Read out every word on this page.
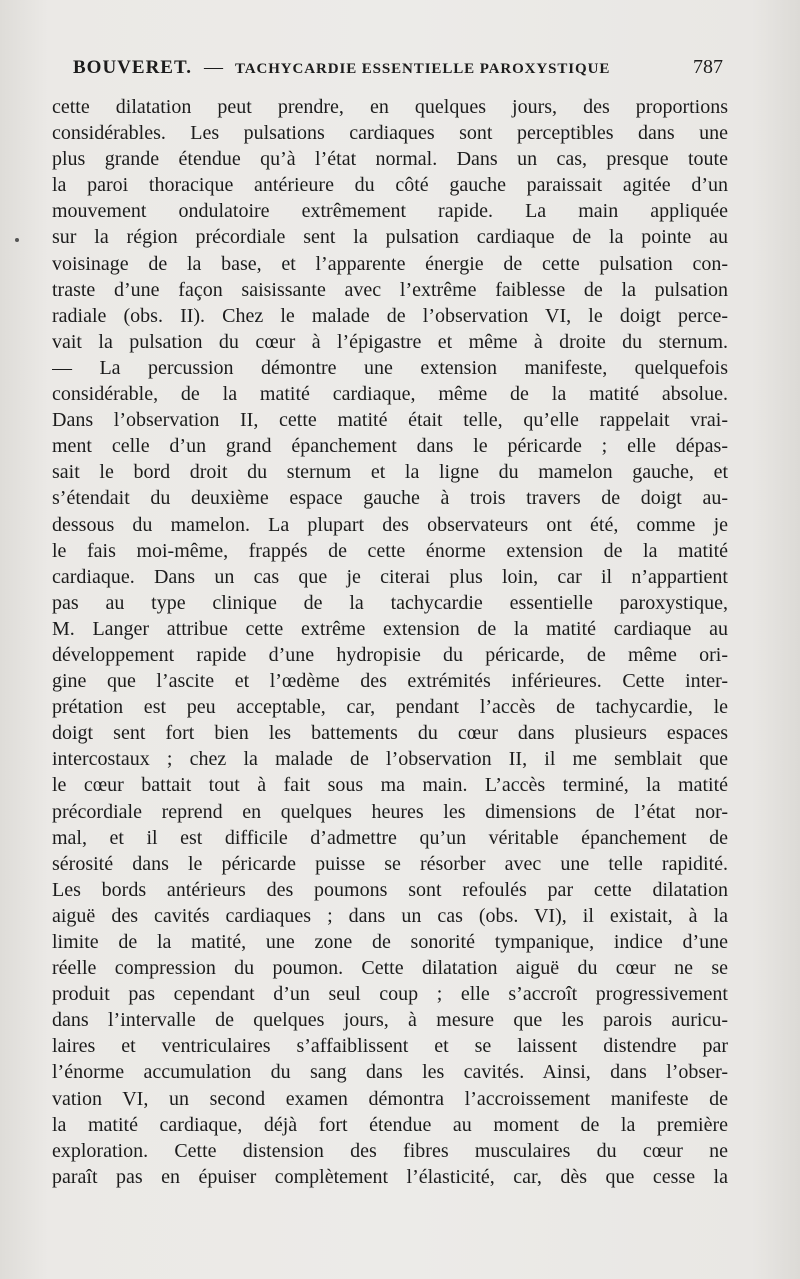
BOUVERET. — TACHYCARDIE ESSENTIELLE PAROXYSTIQUE	787
cette dilatation peut prendre, en quelques jours, des proportions
considérables. Les pulsations cardiaques sont perceptibles dans une
plus grande étendue qu’à l’état normal. Dans un cas, presque toute
la paroi thoracique antérieure du côté gauche paraissait agitée d’un
mouvement ondulatoire extrêmement rapide. La main appliquée
sur la région précordiale sent la pulsation cardiaque de la pointe au
voisinage de la base, et l’apparente énergie de cette pulsation con-
traste d’une façon saisissante avec l’extrême faiblesse de la pulsation
radiale (obs. II). Chez le malade de l’observation VI, le doigt perce-
vait la pulsation du cœur à l’épigastre et même à droite du sternum.
— La percussion démontre une extension manifeste, quelquefois
considérable, de la matité cardiaque, même de la matité absolue.
Dans l’observation II, cette matité était telle, qu’elle rappelait vrai-
ment celle d’un grand épanchement dans le péricarde ; elle dépas-
sait le bord droit du sternum et la ligne du mamelon gauche, et
s’étendait du deuxième espace gauche à trois travers de doigt au-
dessous du mamelon. La plupart des observateurs ont été, comme je
le fais moi-même, frappés de cette énorme extension de la matité
cardiaque. Dans un cas que je citerai plus loin, car il n’appartient
pas au type clinique de la tachycardie essentielle paroxystique,
M. Langer attribue cette extrême extension de la matité cardiaque au
développement rapide d’une hydropisie du péricarde, de même ori-
gine que l’ascite et l’œdème des extrémités inférieures. Cette inter-
prétation est peu acceptable, car, pendant l’accès de tachycardie, le
doigt sent fort bien les battements du cœur dans plusieurs espaces
intercostaux ; chez la malade de l’observation II, il me semblait que
le cœur battait tout à fait sous ma main. L’accès terminé, la matité
précordiale reprend en quelques heures les dimensions de l’état nor-
mal, et il est difficile d’admettre qu’un véritable épanchement de
sérosité dans le péricarde puisse se résorber avec une telle rapidité.
Les bords antérieurs des poumons sont refoulés par cette dilatation
aiguë des cavités cardiaques ; dans un cas (obs. VI), il existait, à la
limite de la matité, une zone de sonorité tympanique, indice d’une
réelle compression du poumon. Cette dilatation aiguë du cœur ne se
produit pas cependant d’un seul coup ; elle s’accroît progressivement
dans l’intervalle de quelques jours, à mesure que les parois auricu-
laires et ventriculaires s’affaiblissent et se laissent distendre par
l’énorme accumulation du sang dans les cavités. Ainsi, dans l’obser-
vation VI, un second examen démontra l’accroissement manifeste de
la matité cardiaque, déjà fort étendue au moment de la première
exploration. Cette distension des fibres musculaires du cœur ne
paraît pas en épuiser complètement l’élasticité, car, dès que cesse la
